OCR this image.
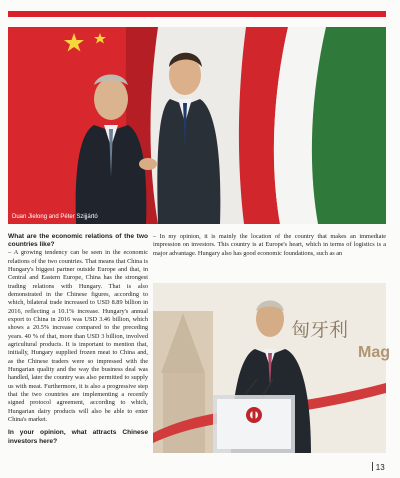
Duan Jielong and Péter Szijjártó

What are the economic relations of the two countries like?

– A growing tendency can be seen in the economic relations of the two countries. That means that China is Hungary's biggest partner outside Europe and that, in Central and Eastern Europe, China has the strongest trading relations with Hungary. That is also demonstrated in the Chinese figures, according to which, bilateral trade increased to USD 8.89 billion in 2016, reflecting a 10.1% increase. Hungary's annual export to China in 2016 was USD 3.46 billion, which shows a 20.5% increase compared to the preceding years. 40 % of that, more than USD 3 billion, involved agricultural products. It is important to mention that, initially, Hungary supplied frozen meat to China and, as the Chinese traders were so impressed with the Hungarian quality and the way the business deal was handled, later the country was also permitted to supply us with meat. Furthermore, it is also a progressive step that the two countries are implementing a recently signed protocol agreement, according to which, Hungarian dairy products will also be able to enter China's market.

In your opinion, what attracts Chinese investors here?

– In my opinion, it is mainly the location of the country that makes an immediate impression on investors. This country is at Europe's heart, which in terms of logistics is a major advantage. Hungary also has good economic foundations, such as an

匈牙利
Mag
13
